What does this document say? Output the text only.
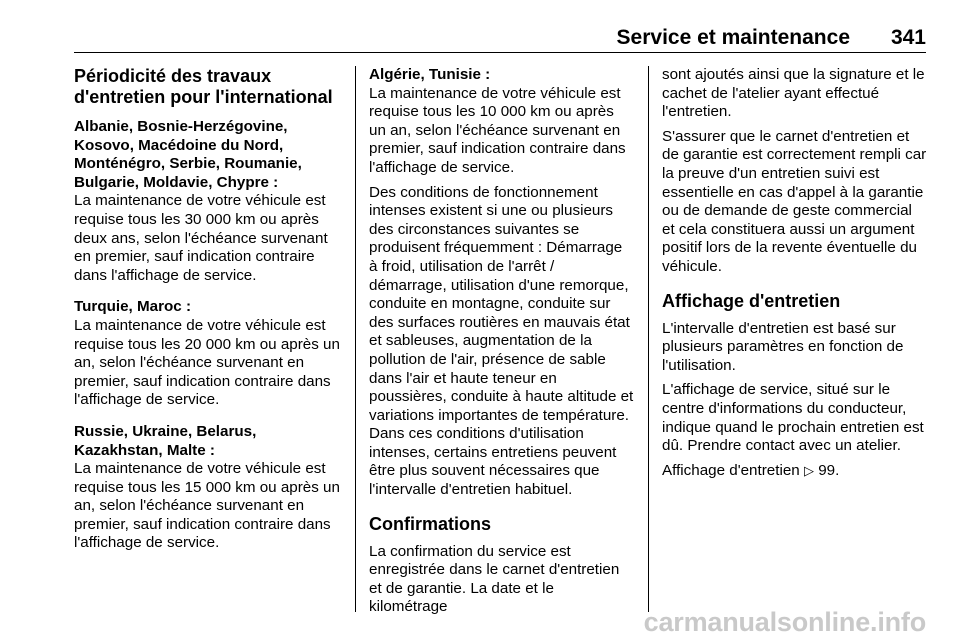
Service et maintenance 341
Périodicité des travaux d'entretien pour l'international
Albanie, Bosnie-Herzégovine, Kosovo, Macédoine du Nord, Monténégro, Serbie, Roumanie, Bulgarie, Moldavie, Chypre :
La maintenance de votre véhicule est requise tous les 30 000 km ou après deux ans, selon l'échéance survenant en premier, sauf indication contraire dans l'affichage de service.
Turquie, Maroc :
La maintenance de votre véhicule est requise tous les 20 000 km ou après un an, selon l'échéance survenant en premier, sauf indication contraire dans l'affichage de service.
Russie, Ukraine, Belarus, Kazakhstan, Malte :
La maintenance de votre véhicule est requise tous les 15 000 km ou après un an, selon l'échéance survenant en premier, sauf indication contraire dans l'affichage de service.
Algérie, Tunisie :
La maintenance de votre véhicule est requise tous les 10 000 km ou après un an, selon l'échéance survenant en premier, sauf indication contraire dans l'affichage de service.
Des conditions de fonctionnement intenses existent si une ou plusieurs des circonstances suivantes se produisent fréquemment : Démarrage à froid, utilisation de l'arrêt / démarrage, utilisation d'une remorque, conduite en montagne, conduite sur des surfaces routières en mauvais état et sableuses, augmentation de la pollution de l'air, présence de sable dans l'air et haute teneur en poussières, conduite à haute altitude et variations importantes de température. Dans ces conditions d'utilisation intenses, certains entretiens peuvent être plus souvent nécessaires que l'intervalle d'entretien habituel.
Confirmations
La confirmation du service est enregistrée dans le carnet d'entretien et de garantie. La date et le kilométrage
sont ajoutés ainsi que la signature et le cachet de l'atelier ayant effectué l'entretien.
S'assurer que le carnet d'entretien et de garantie est correctement rempli car la preuve d'un entretien suivi est essentielle en cas d'appel à la garantie ou de demande de geste commercial et cela constituera aussi un argument positif lors de la revente éventuelle du véhicule.
Affichage d'entretien
L'intervalle d'entretien est basé sur plusieurs paramètres en fonction de l'utilisation.
L'affichage de service, situé sur le centre d'informations du conducteur, indique quand le prochain entretien est dû. Prendre contact avec un atelier.
Affichage d'entretien ▷ 99.
carmanualsonline.info
